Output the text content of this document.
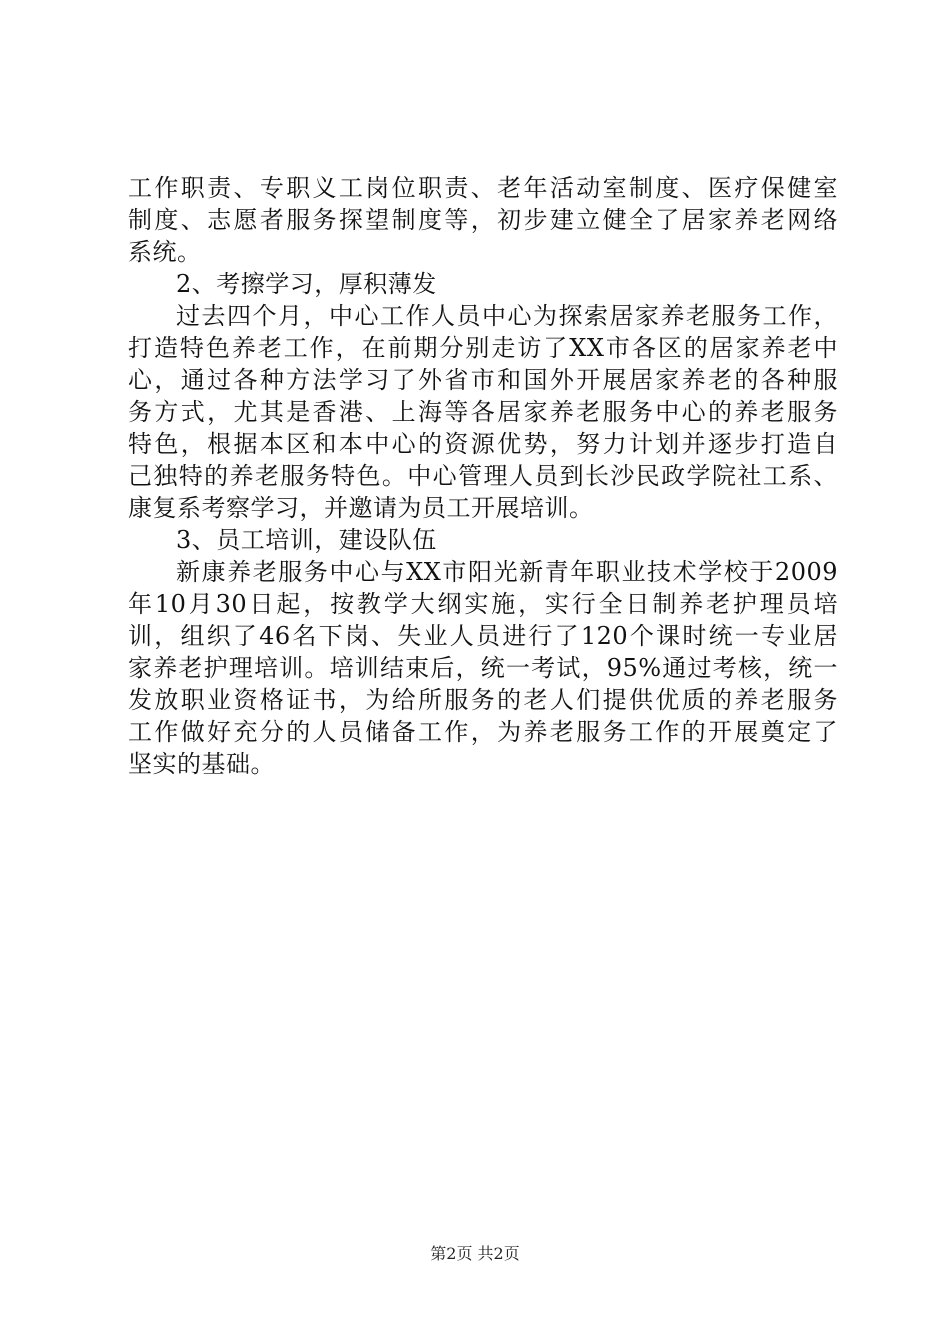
工作职责、专职义工岗位职责、老年活动室制度、医疗保健室
制度、志愿者服务探望制度等，初步建立健全了居家养老网络
系统。
2、考擦学习，厚积薄发
过去四个月，中心工作人员中心为探索居家养老服务工作，
打造特色养老工作，在前期分别走访了XX市各区的居家养老中
心，通过各种方法学习了外省市和国外开展居家养老的各种服
务方式，尤其是香港、上海等各居家养老服务中心的养老服务
特色，根据本区和本中心的资源优势，努力计划并逐步打造自
己独特的养老服务特色。中心管理人员到长沙民政学院社工系、
康复系考察学习，并邀请为员工开展培训。
3、员工培训，建设队伍
新康养老服务中心与XX市阳光新青年职业技术学校于2009
年10月30日起，按教学大纲实施，实行全日制养老护理员培
训，组织了46名下岗、失业人员进行了120个课时统一专业居
家养老护理培训。培训结束后，统一考试，95%通过考核，统一
发放职业资格证书，为给所服务的老人们提供优质的养老服务
工作做好充分的人员储备工作，为养老服务工作的开展奠定了
坚实的基础。
第2页 共2页
